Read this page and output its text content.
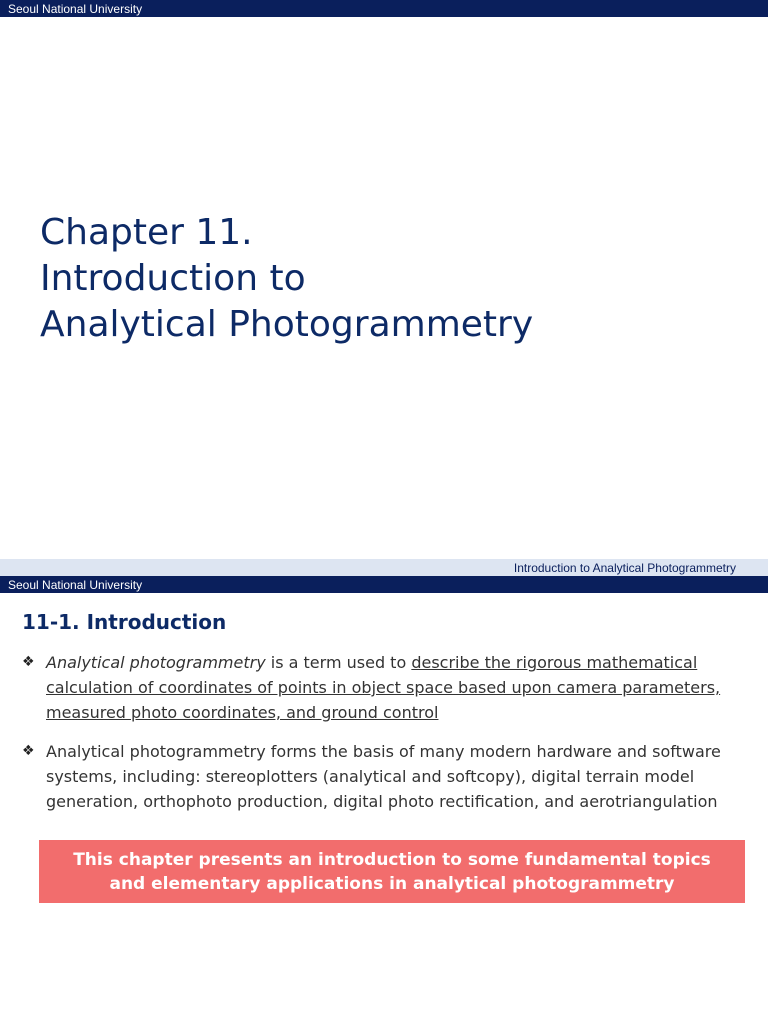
Seoul National University
Chapter 11.
Introduction to
Analytical Photogrammetry
Introduction to Analytical Photogrammetry
Seoul National University
11-1. Introduction
❖ Analytical photogrammetry is a term used to describe the rigorous mathematical calculation of coordinates of points in object space based upon camera parameters, measured photo coordinates, and ground control
❖ Analytical photogrammetry forms the basis of many modern hardware and software systems, including: stereoplotters (analytical and softcopy), digital terrain model generation, orthophoto production, digital photo rectification, and aerotriangulation
This chapter presents an introduction to some fundamental topics and elementary applications in analytical photogrammetry
